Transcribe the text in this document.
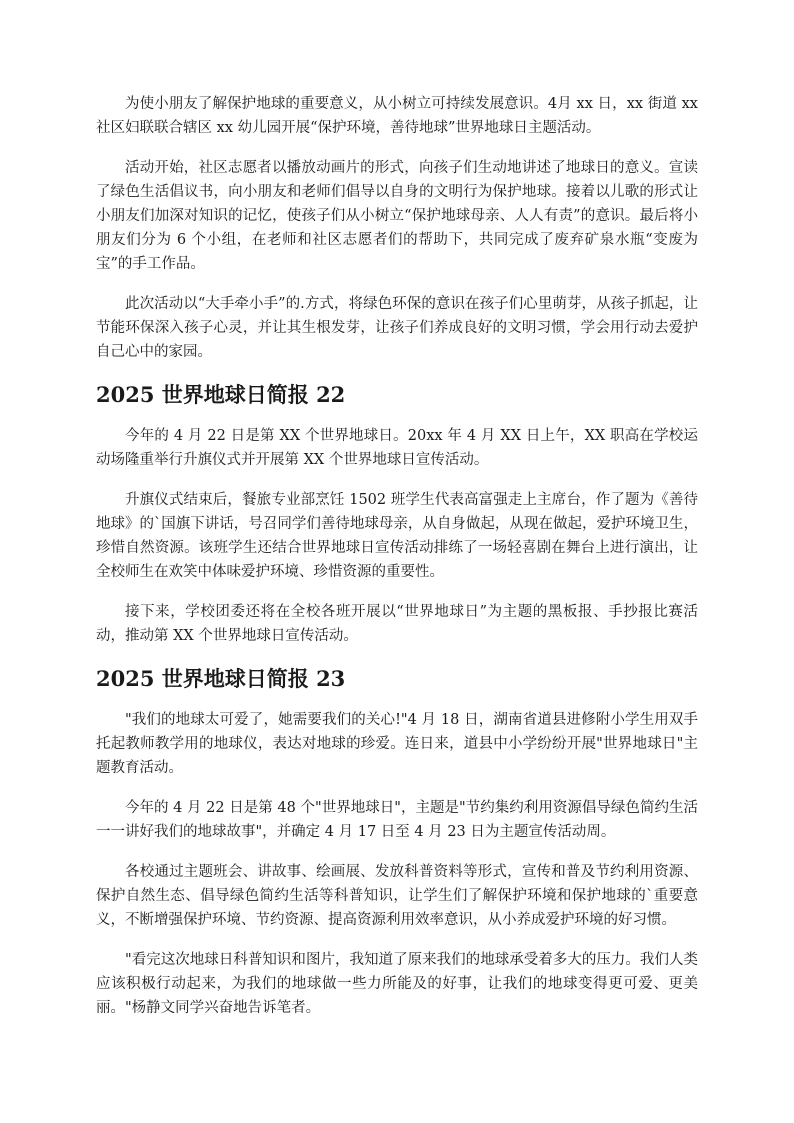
为使小朋友了解保护地球的重要意义，从小树立可持续发展意识。4月 xx 日，xx 街道 xx 社区妇联联合辖区 xx 幼儿园开展“保护环境，善待地球”世界地球日主题活动。

活动开始，社区志愿者以播放动画片的形式，向孩子们生动地讲述了地球日的意义。宣读了绿色生活倡议书，向小朋友和老师们倡导以自身的文明行为保护地球。接着以儿歌的形式让小朋友们加深对知识的记忆，使孩子们从小树立“保护地球母亲、人人有责”的意识。最后将小朋友们分为 6 个小组，在老师和社区志愿者们的帮助下，共同完成了废弃矿泉水瓶“变废为宝”的手工作品。

此次活动以“大手牵小手”的.方式，将绿色环保的意识在孩子们心里萌芽，从孩子抓起，让节能环保深入孩子心灵，并让其生根发芽，让孩子们养成良好的文明习惯，学会用行动去爱护自己心中的家园。

2025 世界地球日简报 22

今年的 4 月 22 日是第 XX 个世界地球日。20xx 年 4 月 XX 日上午，XX 职高在学校运动场隆重举行升旗仪式并开展第 XX 个世界地球日宣传活动。

升旗仪式结束后，餐旅专业部烹饪 1502 班学生代表高富强走上主席台，作了题为《善待地球》的`国旗下讲话，号召同学们善待地球母亲，从自身做起，从现在做起，爱护环境卫生，珍惜自然资源。该班学生还结合世界地球日宣传活动排练了一场轻喜剧在舞台上进行演出，让全校师生在欢笑中体味爱护环境、珍惜资源的重要性。

接下来，学校团委还将在全校各班开展以“世界地球日”为主题的黑板报、手抄报比赛活动，推动第 XX 个世界地球日宣传活动。

2025 世界地球日简报 23

"我们的地球太可爱了，她需要我们的关心!"4 月 18 日，湖南省道县进修附小学生用双手托起教师教学用的地球仪，表达对地球的珍爱。连日来，道县中小学纷纷开展"世界地球日"主题教育活动。

今年的 4 月 22 日是第 48 个"世界地球日"，主题是"节约集约利用资源倡导绿色简约生活一一讲好我们的地球故事"，并确定 4 月 17 日至 4 月 23 日为主题宣传活动周。

各校通过主题班会、讲故事、绘画展、发放科普资料等形式，宣传和普及节约利用资源、保护自然生态、倡导绿色简约生活等科普知识，让学生们了解保护环境和保护地球的`重要意义，不断增强保护环境、节约资源、提高资源利用效率意识，从小养成爱护环境的好习惯。

"看完这次地球日科普知识和图片，我知道了原来我们的地球承受着多大的压力。我们人类应该积极行动起来，为我们的地球做一些力所能及的好事，让我们的地球变得更可爱、更美丽。"杨静文同学兴奋地告诉笔者。
